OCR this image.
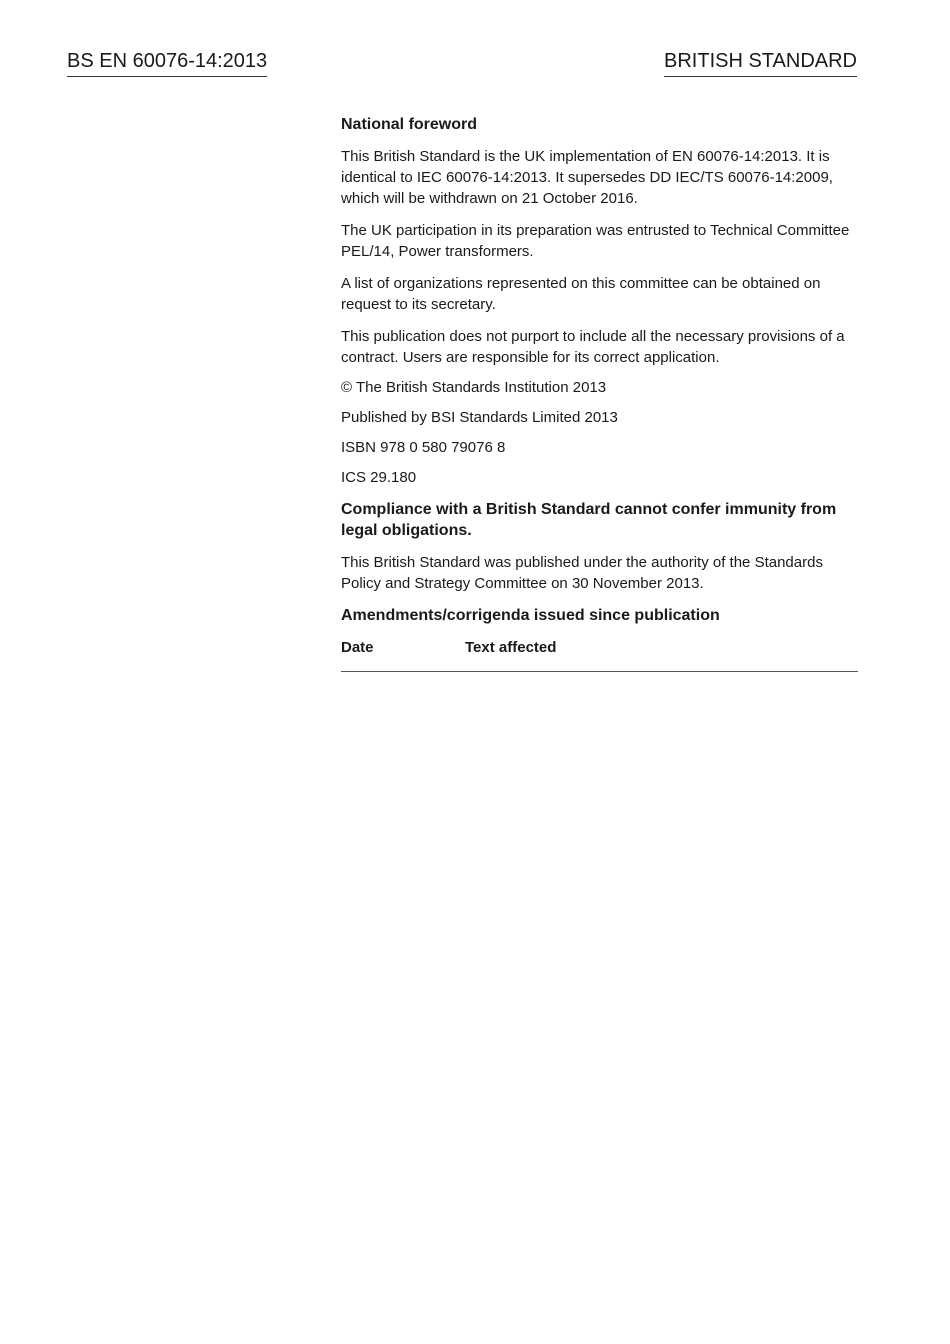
BS EN 60076-14:2013	BRITISH STANDARD
National foreword
This British Standard is the UK implementation of EN 60076-14:2013. It is identical to IEC 60076-14:2013. It supersedes DD IEC/TS 60076-14:2009, which will be withdrawn on 21 October 2016.
The UK participation in its preparation was entrusted to Technical Committee PEL/14, Power transformers.
A list of organizations represented on this committee can be obtained on request to its secretary.
This publication does not purport to include all the necessary provisions of a contract. Users are responsible for its correct application.
© The British Standards Institution 2013
Published by BSI Standards Limited 2013
ISBN 978 0 580 79076 8
ICS 29.180
Compliance with a British Standard cannot confer immunity from legal obligations.
This British Standard was published under the authority of the Standards Policy and Strategy Committee on 30 November 2013.
Amendments/corrigenda issued since publication
Date	Text affected
